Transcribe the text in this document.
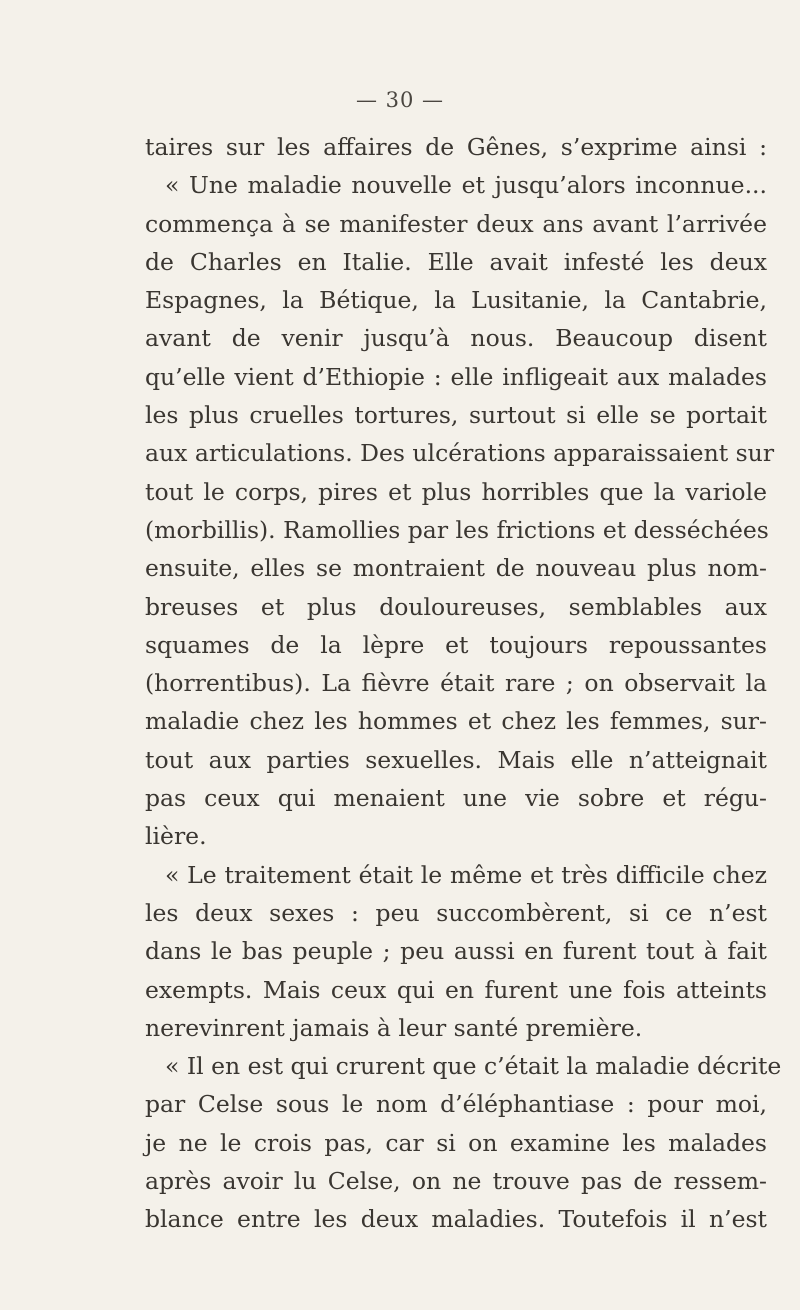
— 30 —
taires sur les affaires de Gênes, s’exprime ainsi :
« Une maladie nouvelle et jusqu’alors inconnue...
commença à se manifester deux ans avant l’arrivée
de Charles en Italie. Elle avait infesté les deux
Espagnes, la Bétique, la Lusitanie, la Cantabrie,
avant de venir jusqu’à nous. Beaucoup disent
qu’elle vient d’Ethiopie : elle infligeait aux malades
les plus cruelles tortures, surtout si elle se portait
aux articulations. Des ulcérations apparaissaient sur
tout le corps, pires et plus horribles que la variole
(morbillis). Ramollies par les frictions et desséchées
ensuite, elles se montraient de nouveau plus nom-
breuses et plus douloureuses, semblables aux
squames de la lèpre et toujours repoussantes
(horrentibus). La fièvre était rare ; on observait la
maladie chez les hommes et chez les femmes, sur-
tout aux parties sexuelles. Mais elle n’atteignait
pas ceux qui menaient une vie sobre et régu-
lière.
« Le traitement était le même et très difficile chez
les deux sexes : peu succombèrent, si ce n’est
dans le bas peuple ; peu aussi en furent tout à fait
exempts. Mais ceux qui en furent une fois atteints
nerevinrent jamais à leur santé première.
« Il en est qui crurent que c’était la maladie décrite
par Celse sous le nom d’éléphantiase : pour moi,
je ne le crois pas, car si on examine les malades
après avoir lu Celse, on ne trouve pas de ressem-
blance entre les deux maladies. Toutefois il n’est
